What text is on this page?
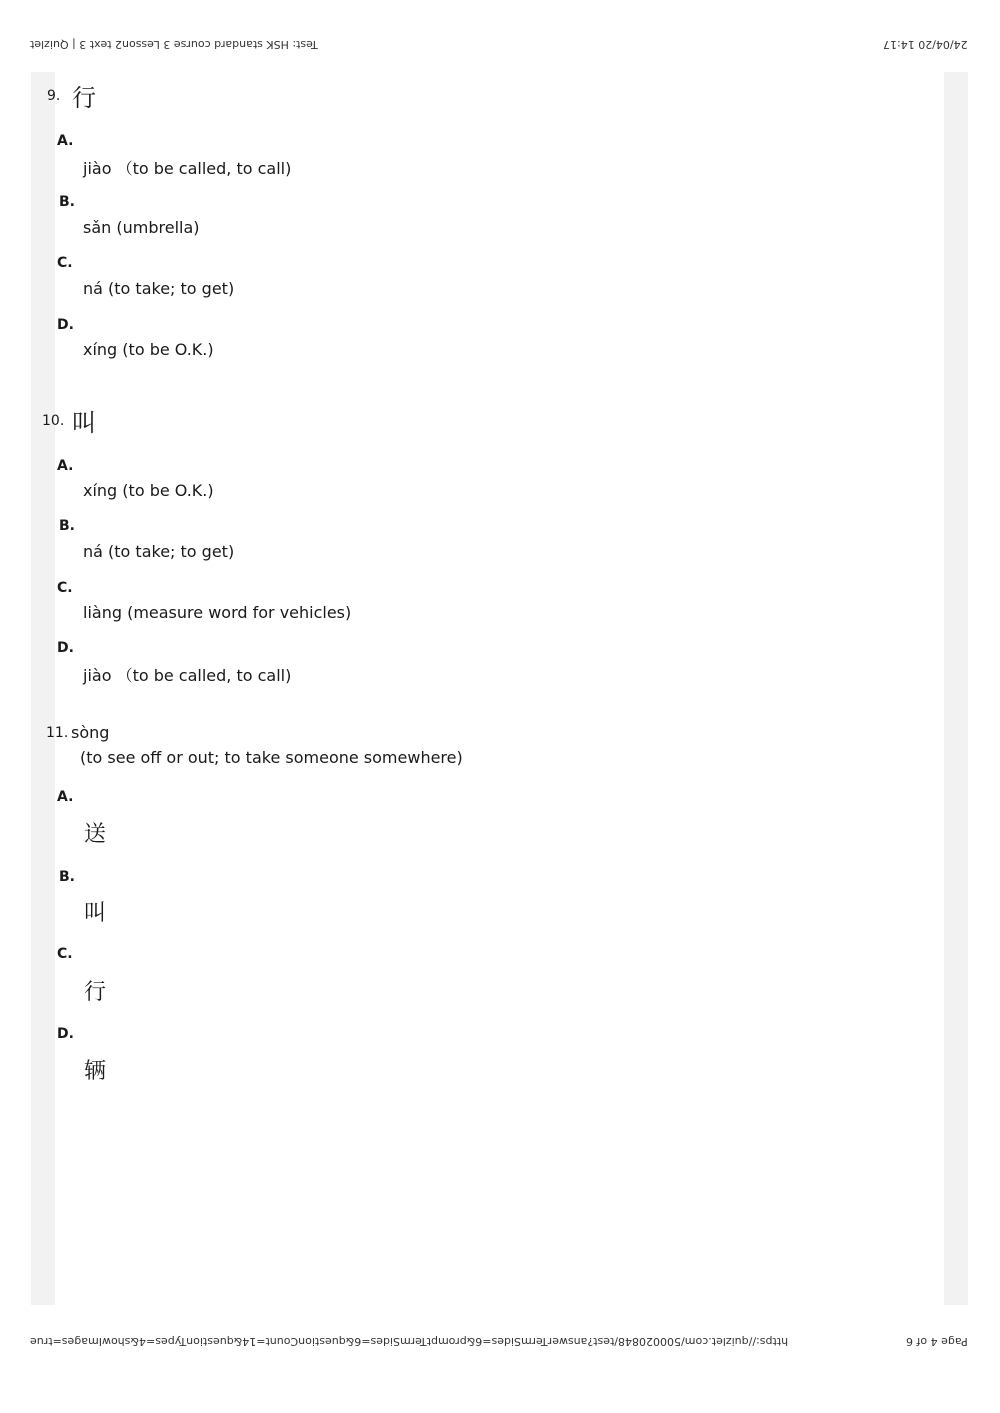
Test: HSK standard course 3 Lesson2 text 3 | Quizlet	24/04/20 14:17
https://quizlet.com/500020848/test?answerTermSides=6&promptTermSides=6&questionCount=14&questionTypes=4&showImages=true	Page 4 of 6
9. 行
A.
jiào （to be called, to call)
B.
sǎn (umbrella)
C.
ná (to take; to get)
D.
xíng (to be O.K.)
10. 叫
A.
xíng (to be O.K.)
B.
ná (to take; to get)
C.
liàng (measure word for vehicles)
D.
jiào （to be called, to call)
11. sòng
(to see off or out; to take someone somewhere)
A.
送
B.
叫
C.
行
D.
辆
